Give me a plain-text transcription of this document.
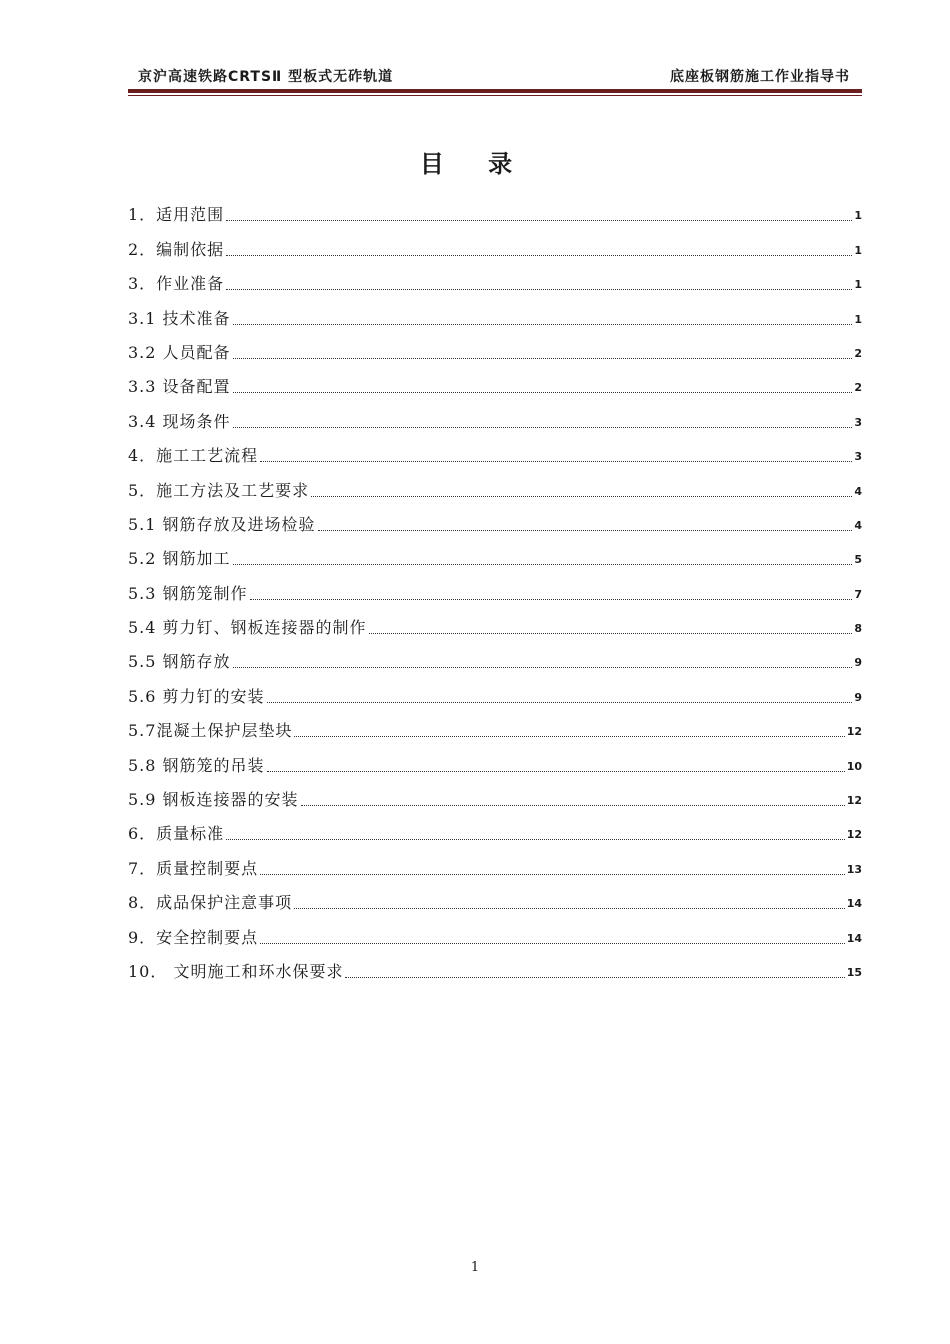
京沪高速铁路CRTSⅡ 型板式无砟轨道	底座板钢筋施工作业指导书
目 录
1．适用范围	1
2．编制依据	1
3．作业准备	1
3.1 技术准备	1
3.2 人员配备	2
3.3 设备配置	2
3.4 现场条件	3
4．施工工艺流程	3
5．施工方法及工艺要求	4
5.1 钢筋存放及进场检验	4
5.2 钢筋加工	5
5.3 钢筋笼制作	7
5.4 剪力钉、钢板连接器的制作	8
5.5 钢筋存放	9
5.6 剪力钉的安装	9
5.7混凝土保护层垫块	12
5.8 钢筋笼的吊装	10
5.9 钢板连接器的安装	12
6．质量标准	12
7．质量控制要点	13
8．成品保护注意事项	14
9．安全控制要点	14
10． 文明施工和环水保要求	15
1
